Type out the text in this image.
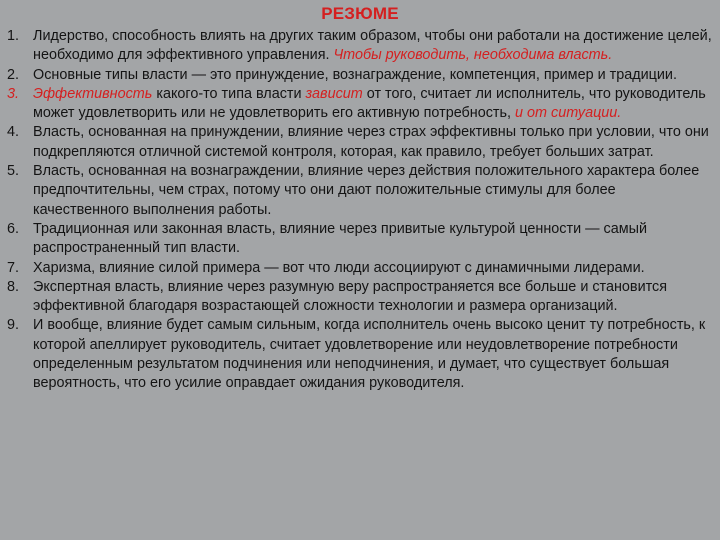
РЕЗЮМЕ
1. Лидерство, способность влиять на других таким образом, чтобы они работали на достижение целей, необходимо для эффективного управления. Чтобы руководить, необходима власть.
2. Основные типы власти — это принуждение, вознаграждение, компетенция, пример и традиции.
3. Эффективность какого-то типа власти зависит от того, считает ли исполнитель, что руководитель может удовлетворить или не удовлетворить его активную потребность, и от ситуации.
4. Власть, основанная на принуждении, влияние через страх эффективны только при условии, что они подкрепляются отличной системой контроля, которая, как правило, требует больших затрат.
5. Власть, основанная на вознаграждении, влияние через действия положительного характера более предпочтительны, чем страх, потому что они дают положительные стимулы для более качественного выполнения работы.
6. Традиционная или законная власть, влияние через привитые культурой ценности — самый распространенный тип власти.
7. Харизма, влияние силой примера — вот что люди ассоциируют с динамичными лидерами.
8. Экспертная власть, влияние через разумную веру распространяется все больше и становится эффективной благодаря возрастающей сложности технологии и размера организаций.
9. И вообще, влияние будет самым сильным, когда исполнитель очень высоко ценит ту потребность, к которой апеллирует руководитель, считает удовлетворение или неудовлетворение потребности определенным результатом подчинения или неподчинения, и думает, что существует большая вероятность, что его усилие оправдает ожидания руководителя.
